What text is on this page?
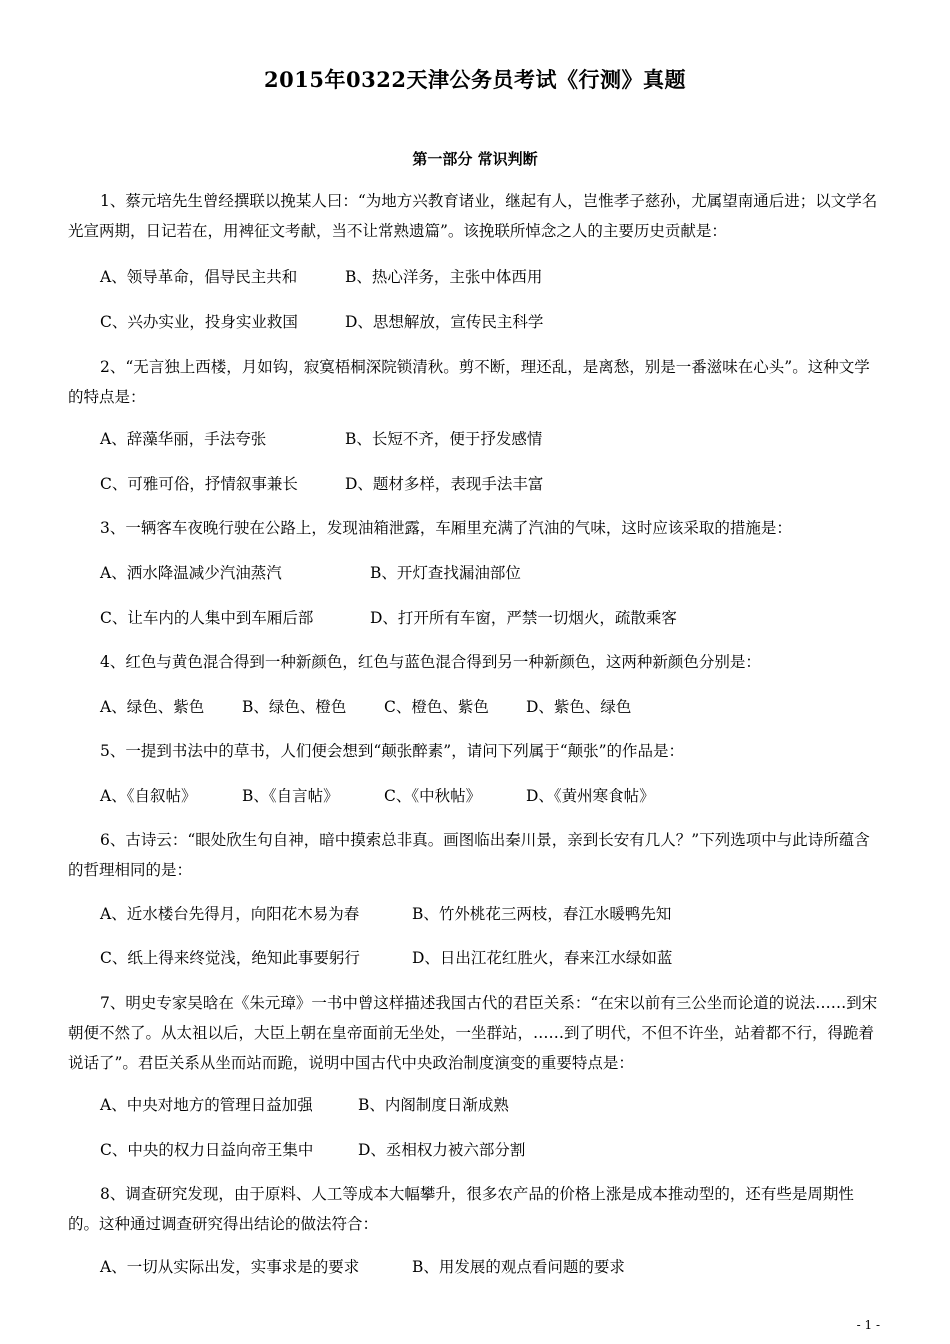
2015年0322天津公务员考试《行测》真题
第一部分 常识判断

1、蔡元培先生曾经撰联以挽某人曰：“为地方兴教育诸业，继起有人，岂惟孝子慈孙，尤属望南通后进；以文学名光宣两期，日记若在，用裨征文考献，当不让常熟遗篇”。该挽联所悼念之人的主要历史贡献是：

A、领导革命，倡导民主共和	B、热心洋务，主张中体西用
C、兴办实业，投身实业救国	D、思想解放，宣传民主科学

2、“无言独上西楼，月如钩，寂寞梧桐深院锁清秋。剪不断，理还乱，是离愁，别是一番滋味在心头”。这种文学的特点是：

A、辞藻华丽，手法夸张	B、长短不齐，便于抒发感情
C、可雅可俗，抒情叙事兼长	D、题材多样，表现手法丰富

3、一辆客车夜晚行驶在公路上，发现油箱泄露，车厢里充满了汽油的气味，这时应该采取的措施是：

A、洒水降温减少汽油蒸汽	B、开灯查找漏油部位
C、让车内的人集中到车厢后部	D、打开所有车窗，严禁一切烟火，疏散乘客

4、红色与黄色混合得到一种新颜色，红色与蓝色混合得到另一种新颜色，这两种新颜色分别是：

A、绿色、紫色 B、绿色、橙色 C、橙色、紫色 D、紫色、绿色

5、一提到书法中的草书，人们便会想到“颠张醉素”，请问下列属于“颠张”的作品是：

A、《自叙帖》	B、《自言帖》	C、《中秋帖》	D、《黄州寒食帖》

6、古诗云：“眼处欣生句自神，暗中摸索总非真。画图临出秦川景，亲到长安有几人？”下列选项中与此诗所蕴含的哲理相同的是：

A、近水楼台先得月，向阳花木易为春	B、竹外桃花三两枝，春江水暖鸭先知
C、纸上得来终觉浅，绝知此事要躬行	D、日出江花红胜火，春来江水绿如蓝

7、明史专家吴晗在《朱元璋》一书中曾这样描述我国古代的君臣关系：“在宋以前有三公坐而论道的说法……到宋朝便不然了。从太祖以后，大臣上朝在皇帝面前无坐处，一坐群站，……到了明代，不但不许坐，站着都不行，得跪着说话了”。君臣关系从坐而站而跪，说明中国古代中央政治制度演变的重要特点是：

A、中央对地方的管理日益加强	B、内阁制度日渐成熟
C、中央的权力日益向帝王集中	D、丞相权力被六部分割

8、调查研究发现，由于原料、人工等成本大幅攀升，很多农产品的价格上涨是成本推动型的，还有些是周期性的。这种通过调查研究得出结论的做法符合：

A、一切从实际出发，实事求是的要求	B、用发展的观点看问题的要求
- 1 -
